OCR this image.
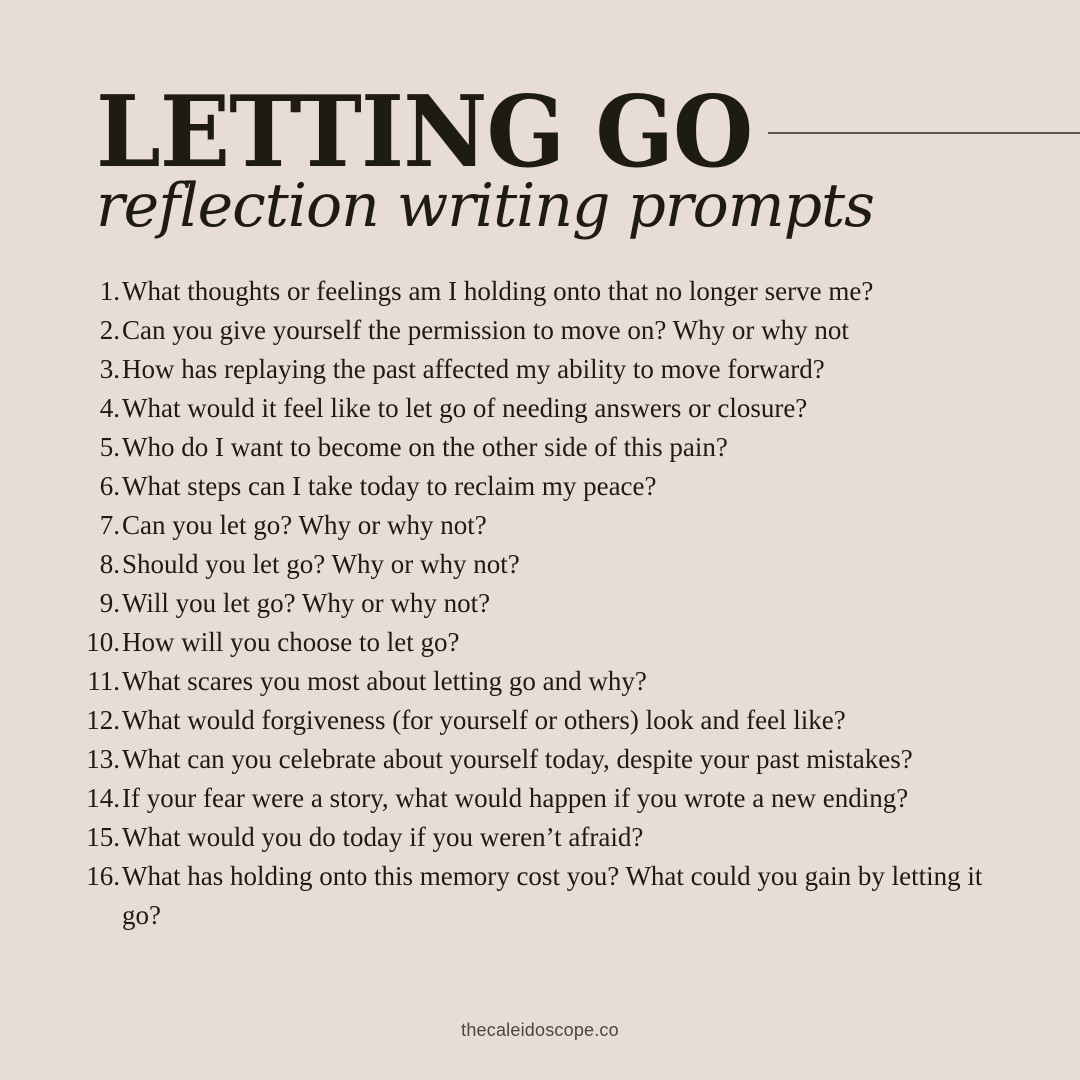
LETTING GO
reflection writing prompts
1. What thoughts or feelings am I holding onto that no longer serve me?
2. Can you give yourself the permission to move on? Why or why not
3. How has replaying the past affected my ability to move forward?
4. What would it feel like to let go of needing answers or closure?
5. Who do I want to become on the other side of this pain?
6. What steps can I take today to reclaim my peace?
7. Can you let go? Why or why not?
8. Should you let go? Why or why not?
9. Will you let go? Why or why not?
10. How will you choose to let go?
11. What scares you most about letting go and why?
12. What would forgiveness (for yourself or others) look and feel like?
13. What can you celebrate about yourself today, despite your past mistakes?
14. If your fear were a story, what would happen if you wrote a new ending?
15. What would you do today if you weren’t afraid?
16. What has holding onto this memory cost you? What could you gain by letting it go?
thecaleidoscope.co
